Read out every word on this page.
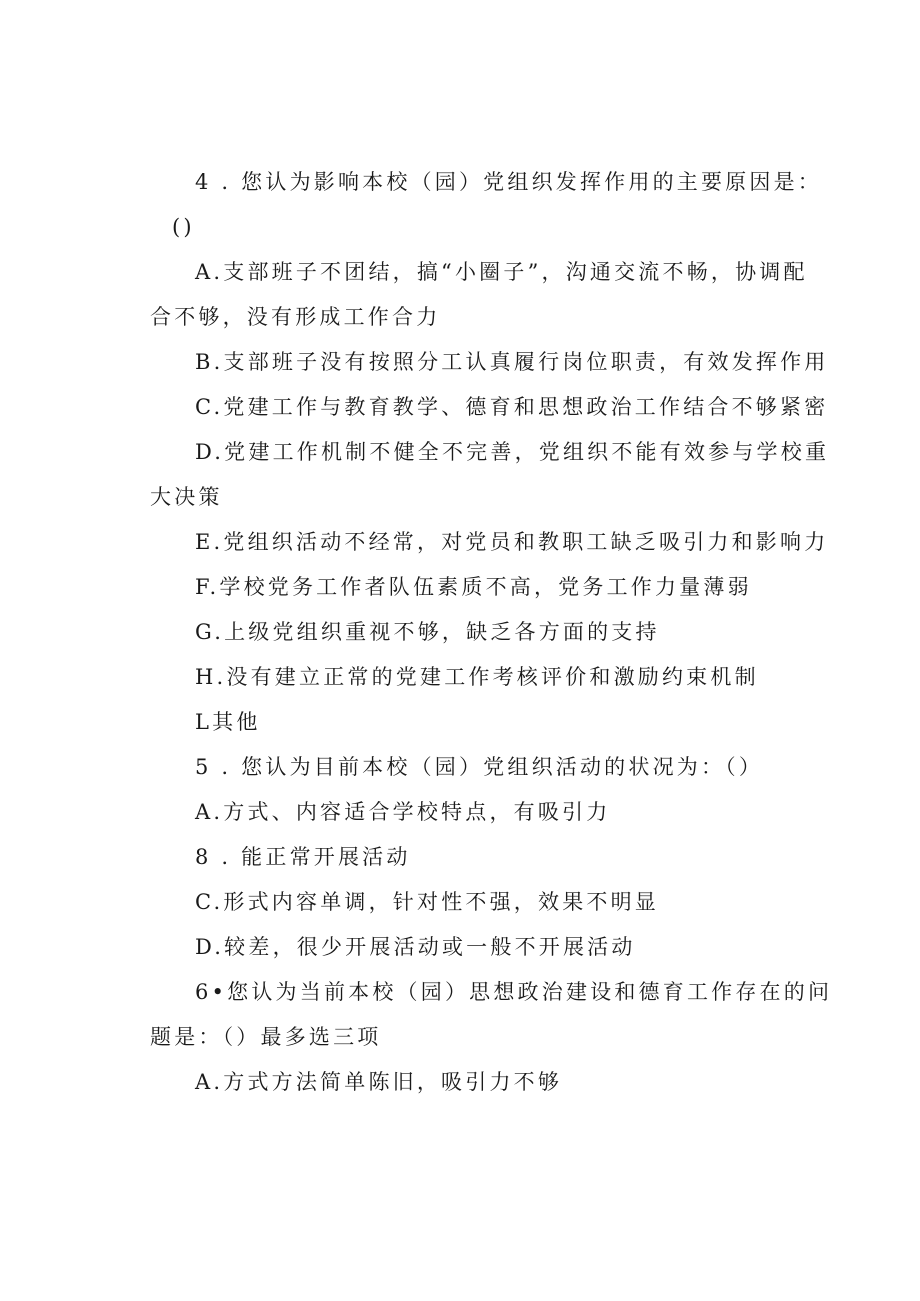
4 . 您认为影响本校（园）党组织发挥作用的主要原因是：
()
A.支部班子不团结，搞“小圈子”，沟通交流不畅，协调配
合不够，没有形成工作合力
B.支部班子没有按照分工认真履行岗位职责，有效发挥作用
C.党建工作与教育教学、德育和思想政治工作结合不够紧密
D.党建工作机制不健全不完善，党组织不能有效参与学校重
大决策
E.党组织活动不经常，对党员和教职工缺乏吸引力和影响力
F.学校党务工作者队伍素质不高，党务工作力量薄弱
G.上级党组织重视不够，缺乏各方面的支持
H.没有建立正常的党建工作考核评价和激励约束机制
L其他
5 . 您认为目前本校（园）党组织活动的状况为：（）
A.方式、内容适合学校特点，有吸引力
8 . 能正常开展活动
C.形式内容单调，针对性不强，效果不明显
D.较差，很少开展活动或一般不开展活动
6•您认为当前本校（园）思想政治建设和德育工作存在的问
题是：（）最多选三项
A.方式方法简单陈旧，吸引力不够
